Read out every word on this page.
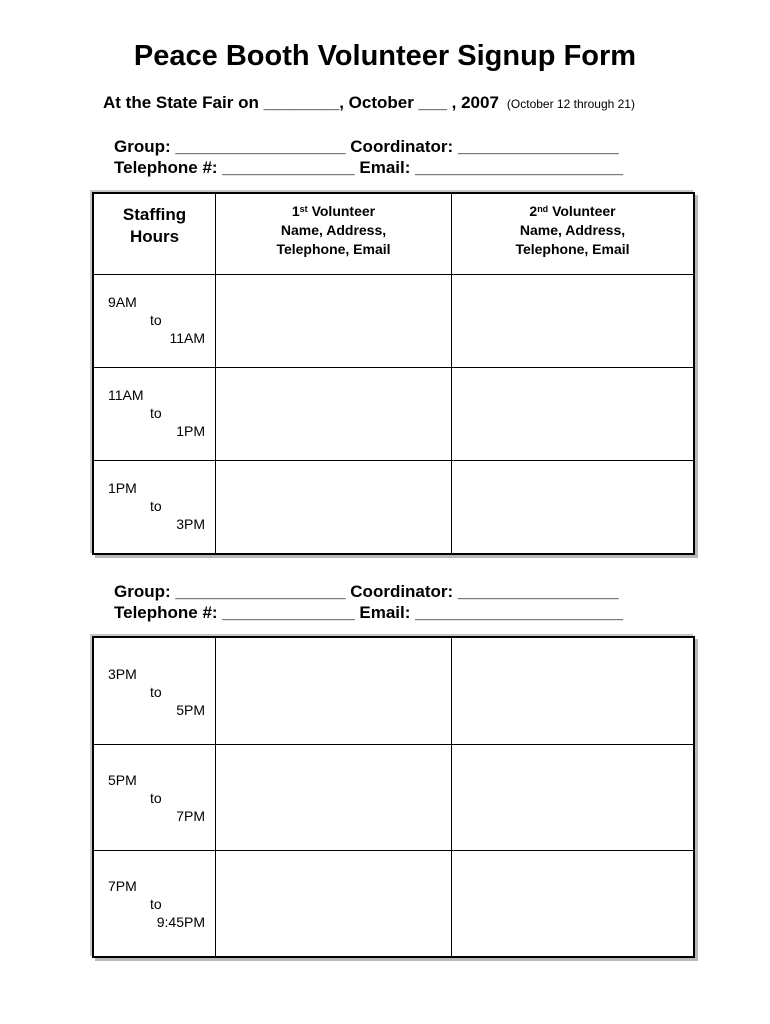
Peace Booth Volunteer Signup Form
At the State Fair on ________, October ___ , 2007 (October 12 through 21)
Group: __________________ Coordinator: _________________
Telephone #: ______________ Email: ______________________
Staffing
Hours
1st Volunteer
Name, Address,
Telephone, Email
2nd Volunteer
Name, Address,
Telephone, Email
9AM
to
11AM
11AM
to
1PM
1PM
to
3PM
Group: __________________ Coordinator: _________________
Telephone #: ______________ Email: ______________________
3PM
to
5PM
5PM
to
7PM
7PM
to
9:45PM
